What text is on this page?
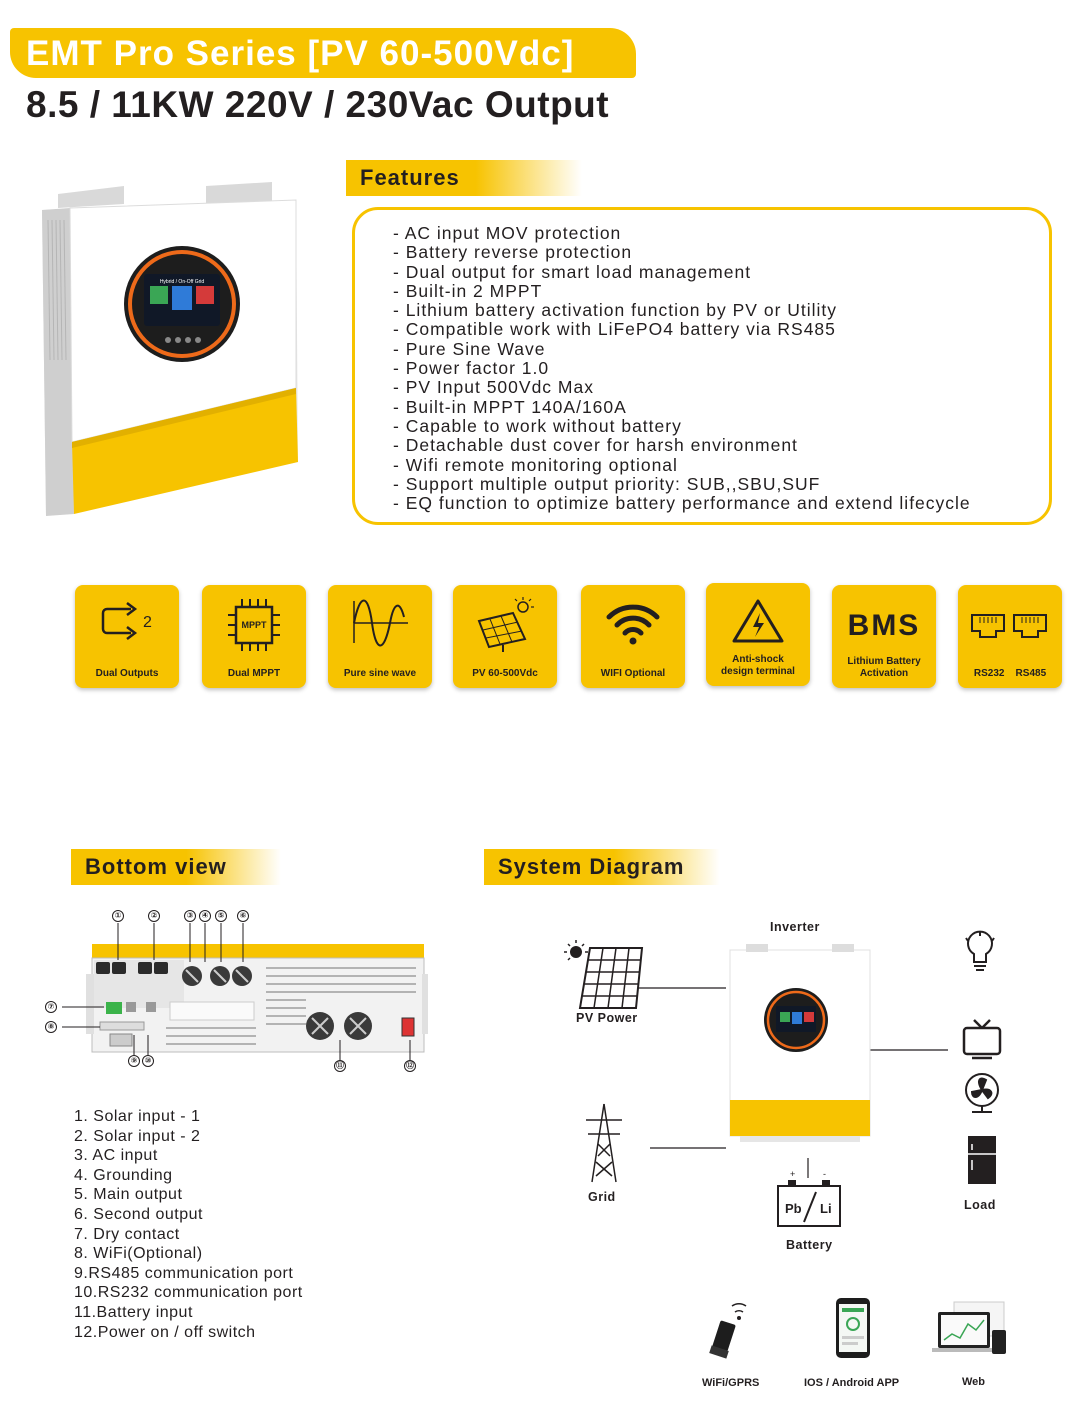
EMT Pro Series [PV 60-500Vdc]
8.5 / 11KW 220V / 230Vac Output
Hybrid / On-Off Grid
Features
- AC input MOV protection
- Battery reverse protection
- Dual output for smart load management
- Built-in 2 MPPT
- Lithium battery activation function by PV or Utility
- Compatible work with LiFePO4 battery via RS485
- Pure Sine Wave
- Power factor 1.0
- PV Input 500Vdc Max
- Built-in MPPT 140A/160A
- Capable to work without battery
- Detachable dust cover for harsh environment
- Wifi remote monitoring optional
- Support multiple output priority: SUB,,SBU,SUF
- EQ function to optimize battery performance and extend lifecycle
2
Dual Outputs
MPPT
Dual MPPT	Pure sine wave	PV 60-500Vdc	WIFI Optional
Anti-shock
design terminal
BMS
Lithium Battery
Activation	RS232    RS485
Bottom view
①	②	③	④	⑤	⑥
⑦
⑧
⑨ ⑩
⑪	⑫
1. Solar input - 1
2. Solar input - 2
3. AC input
4. Grounding
5. Main output
6. Second output
7. Dry contact
8. WiFi(Optional)
9.RS485 communication port
10.RS232 communication port
11.Battery input
12.Power on / off switch
System Diagram
Inverter
+	-
Pb Li
PV Power
Grid
Battery
Load
WiFi/GPRS	IOS / Android APP	Web
